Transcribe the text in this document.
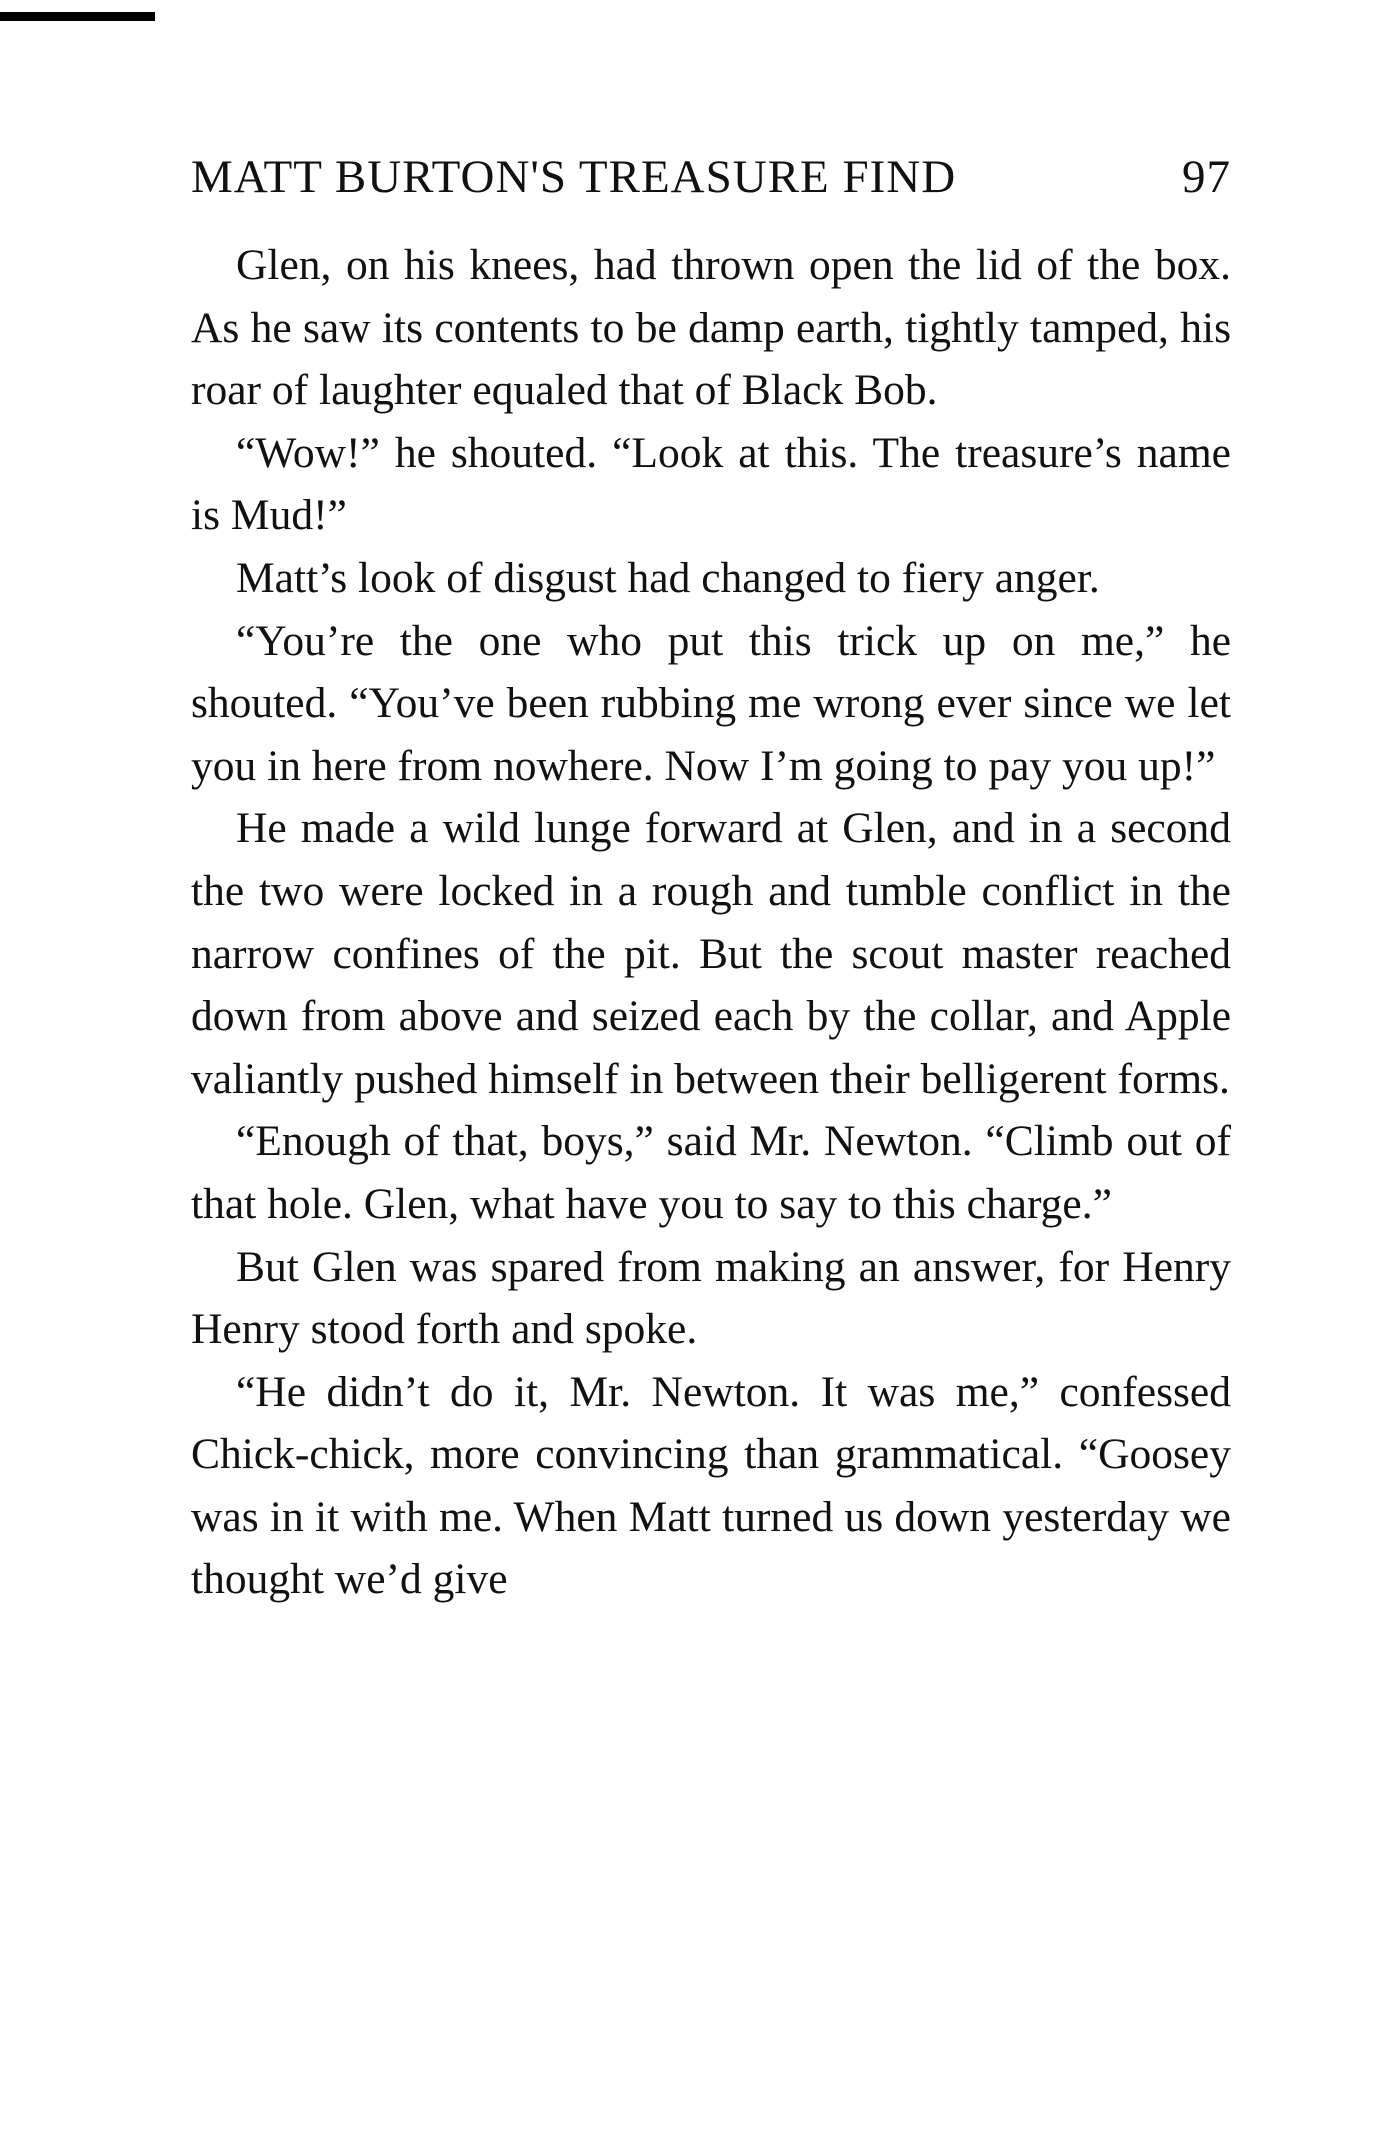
MATT BURTON'S TREASURE FIND	97

Glen, on his knees, had thrown open the lid of the box. As he saw its contents to be damp earth, tightly tamped, his roar of laughter equaled that of Black Bob.

“Wow!” he shouted. “Look at this. The treasure’s name is Mud!”

Matt’s look of disgust had changed to fiery anger.

“You’re the one who put this trick up on me,” he shouted. “You’ve been rubbing me wrong ever since we let you in here from nowhere. Now I’m going to pay you up!”

He made a wild lunge forward at Glen, and in a second the two were locked in a rough and tumble conflict in the narrow confines of the pit. But the scout master reached down from above and seized each by the collar, and Apple valiantly pushed himself in between their belligerent forms.

“Enough of that, boys,” said Mr. Newton. “Climb out of that hole. Glen, what have you to say to this charge.”

But Glen was spared from making an answer, for Henry Henry stood forth and spoke.

“He didn’t do it, Mr. Newton. It was me,” confessed Chick-chick, more convincing than grammatical. “Goosey was in it with me. When Matt turned us down yesterday we thought we’d give
